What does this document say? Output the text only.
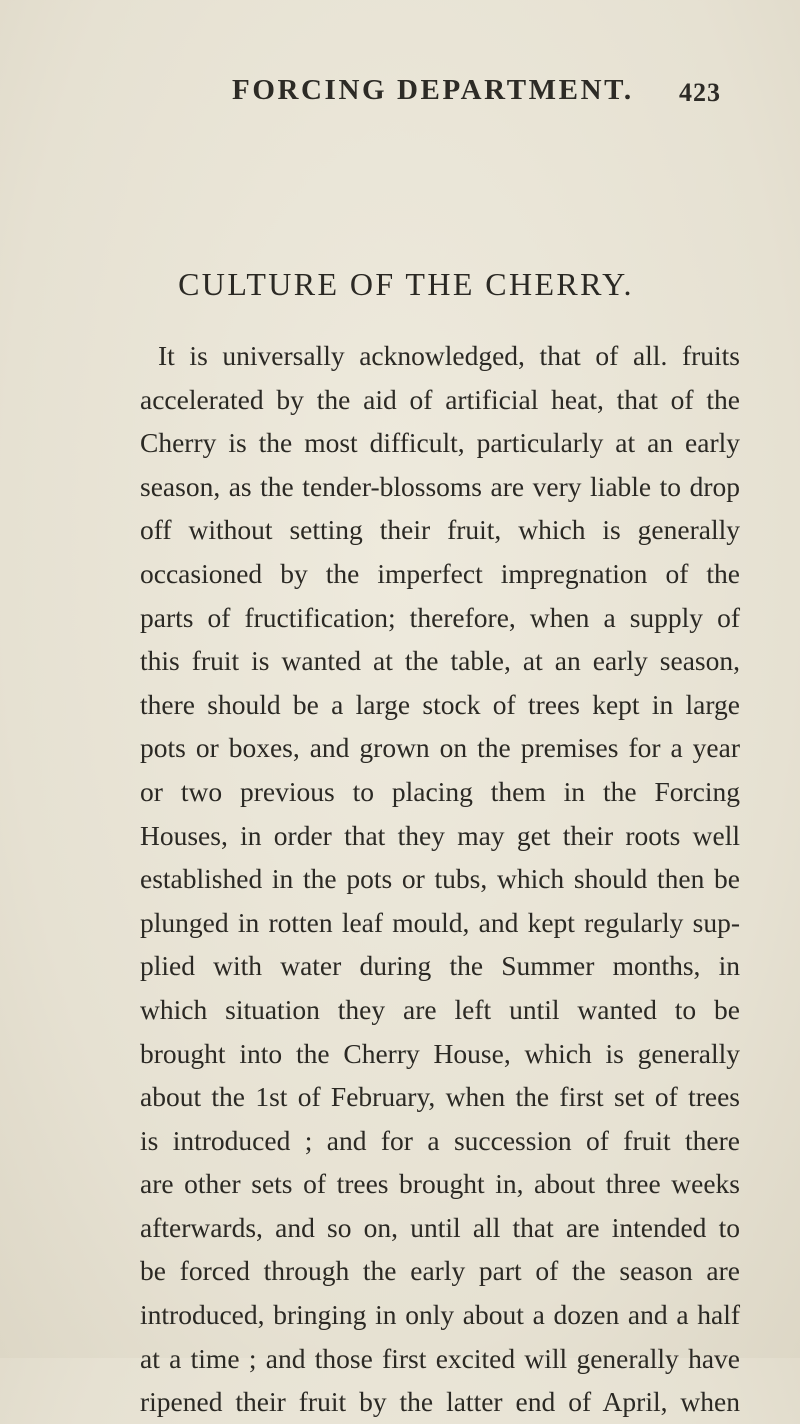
FORCING DEPARTMENT. 423
CULTURE OF THE CHERRY.
It is universally acknowledged, that of all. fruits
accelerated by the aid of artificial heat, that of the
Cherry is the most difficult, particularly at an early
season, as the tender-blossoms are very liable to drop
off without setting their fruit, which is generally
occasioned by the imperfect impregnation of the
parts of fructification; therefore, when a supply of
this fruit is wanted at the table, at an early season,
there should be a large stock of trees kept in large
pots or boxes, and grown on the premises for a year
or two previous to placing them in the Forcing
Houses, in order that they may get their roots well
established in the pots or tubs, which should then be
plunged in rotten leaf mould, and kept regularly sup-
plied with water during the Summer months, in
which situation they are left until wanted to be
brought into the Cherry House, which is generally
about the 1st of February, when the first set of trees
is introduced ; and for a succession of fruit there
are other sets of trees brought in, about three weeks
afterwards, and so on, until all that are intended to
be forced through the early part of the season are
introduced, bringing in only about a dozen and a half
at a time ; and those first excited will generally have
ripened their fruit by the latter end of April, when
